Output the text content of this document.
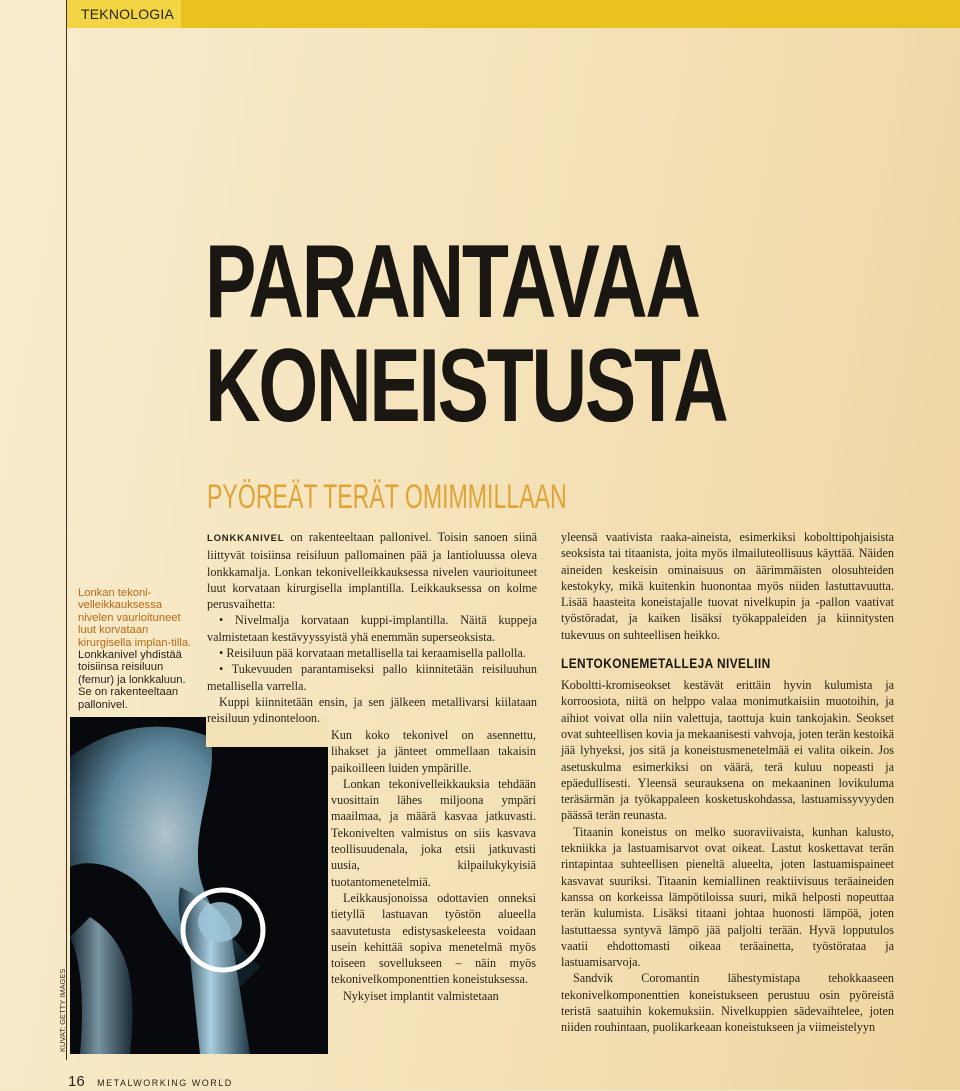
TEKNOLOGIA
PARANTAVAA
KONEISTUSTA
PYÖREÄT TERÄT OMIMMILLAAN
Lonkan tekoni-velleikkauksessa nivelen vaurioituneet luut korvataan kirurgisella implan-tilla. Lonkkanivel yhdistää toisiinsa reisiluun (femur) ja lonkkaluun. Se on rakenteeltaan pallonivel.
KUVAT: GETTY IMAGES

LONKKANIVEL on rakenteeltaan pallonivel. Toisin sanoen siinä liittyvät toisiinsa reisiluun pallomainen pää ja lantioluussa oleva lonkkamalja. Lonkan tekonivelleikkauksessa nivelen vaurioituneet luut korvataan kirurgisella implantilla. Leikkauksessa on kolme perusvaihetta:

• Nivelmalja korvataan kuppi-implantilla. Näitä kuppeja valmistetaan kestävyyssyistä yhä enemmän superseoksista.

• Reisiluun pää korvataan metallisella tai keraamisella pallolla.

• Tukevuuden parantamiseksi pallo kiinnitetään reisiluuhun metallisella varrella.

Kuppi kiinnitetään ensin, ja sen jälkeen metallivarsi kiilataan reisiluun ydinonteloon.

Kun koko tekonivel on asennettu, lihakset ja jänteet ommellaan takaisin paikoilleen luiden ympärille.

Lonkan tekonivelleikkauksia tehdään vuosittain lähes miljoona ympäri maailmaa, ja määrä kasvaa jatkuvasti. Tekonivelten valmistus on siis kasvava teollisuudenala, joka etsii jatkuvasti uusia, kilpailukykyisiä tuotantomenetelmiä.

Leikkausjonoissa odottavien onneksi tietyllä lastuavan työstön alueella saavutetusta edistysaskeleesta voidaan usein kehittää sopiva menetelmä myös toiseen sovellukseen – näin myös tekonivelkomponenttien koneistuksessa.

Nykyiset implantit valmistetaan

yleensä vaativista raaka-aineista, esimerkiksi kobolttipohjaisista seoksista tai titaanista, joita myös ilmailuteollisuus käyttää. Näiden aineiden keskeisin ominaisuus on äärimmäisten olosuhteiden kestokyky, mikä kuitenkin huonontaa myös niiden lastuttavuutta. Lisää haasteita koneistajalle tuovat nivelkupin ja -pallon vaativat työstöradat, ja kaiken lisäksi työkappaleiden ja kiinnitysten tukevuus on suhteellisen heikko.

LENTOKONEMETALLEJA NIVELIIN

Koboltti-kromiseokset kestävät erittäin hyvin kulumista ja korroosiota, niitä on helppo valaa monimutkaisiin muotoihin, ja aihiot voivat olla niin valettuja, taottuja kuin tankojakin. Seokset ovat suhteellisen kovia ja mekaanisesti vahvoja, joten terän kestoikä jää lyhyeksi, jos sitä ja koneistusmenetelmää ei valita oikein. Jos asetuskulma esimerkiksi on väärä, terä kuluu nopeasti ja epäedullisesti. Yleensä seurauksena on mekaaninen lovikuluma teräsärmän ja työkappaleen kosketuskohdassa, lastuamissyvyyden päässä terän reunasta.

Titaanin koneistus on melko suoraviivaista, kunhan kalusto, tekniikka ja lastuamisarvot ovat oikeat. Lastut koskettavat terän rintapintaa suhteellisen pieneltä alueelta, joten lastuamispaineet kasvavat suuriksi. Titaanin kemiallinen reaktiivisuus teräaineiden kanssa on korkeissa lämpötiloissa suuri, mikä helposti nopeuttaa terän kulumista. Lisäksi titaani johtaa huonosti lämpöä, joten lastuttaessa syntyvä lämpö jää paljolti terään. Hyvä lopputulos vaatii ehdottomasti oikeaa teräainetta, työstörataa ja lastuamisarvoja.

Sandvik Coromantin lähestymistapa tehokkaaseen tekonivelkomponenttien koneistukseen perustuu osin pyöreistä teristä saatuihin kokemuksiin. Nivelkuppien sädevaihtelee, joten niiden rouhintaan, puolikarkeaan koneistukseen ja viimeistelyyn

16 METALWORKING WORLD
